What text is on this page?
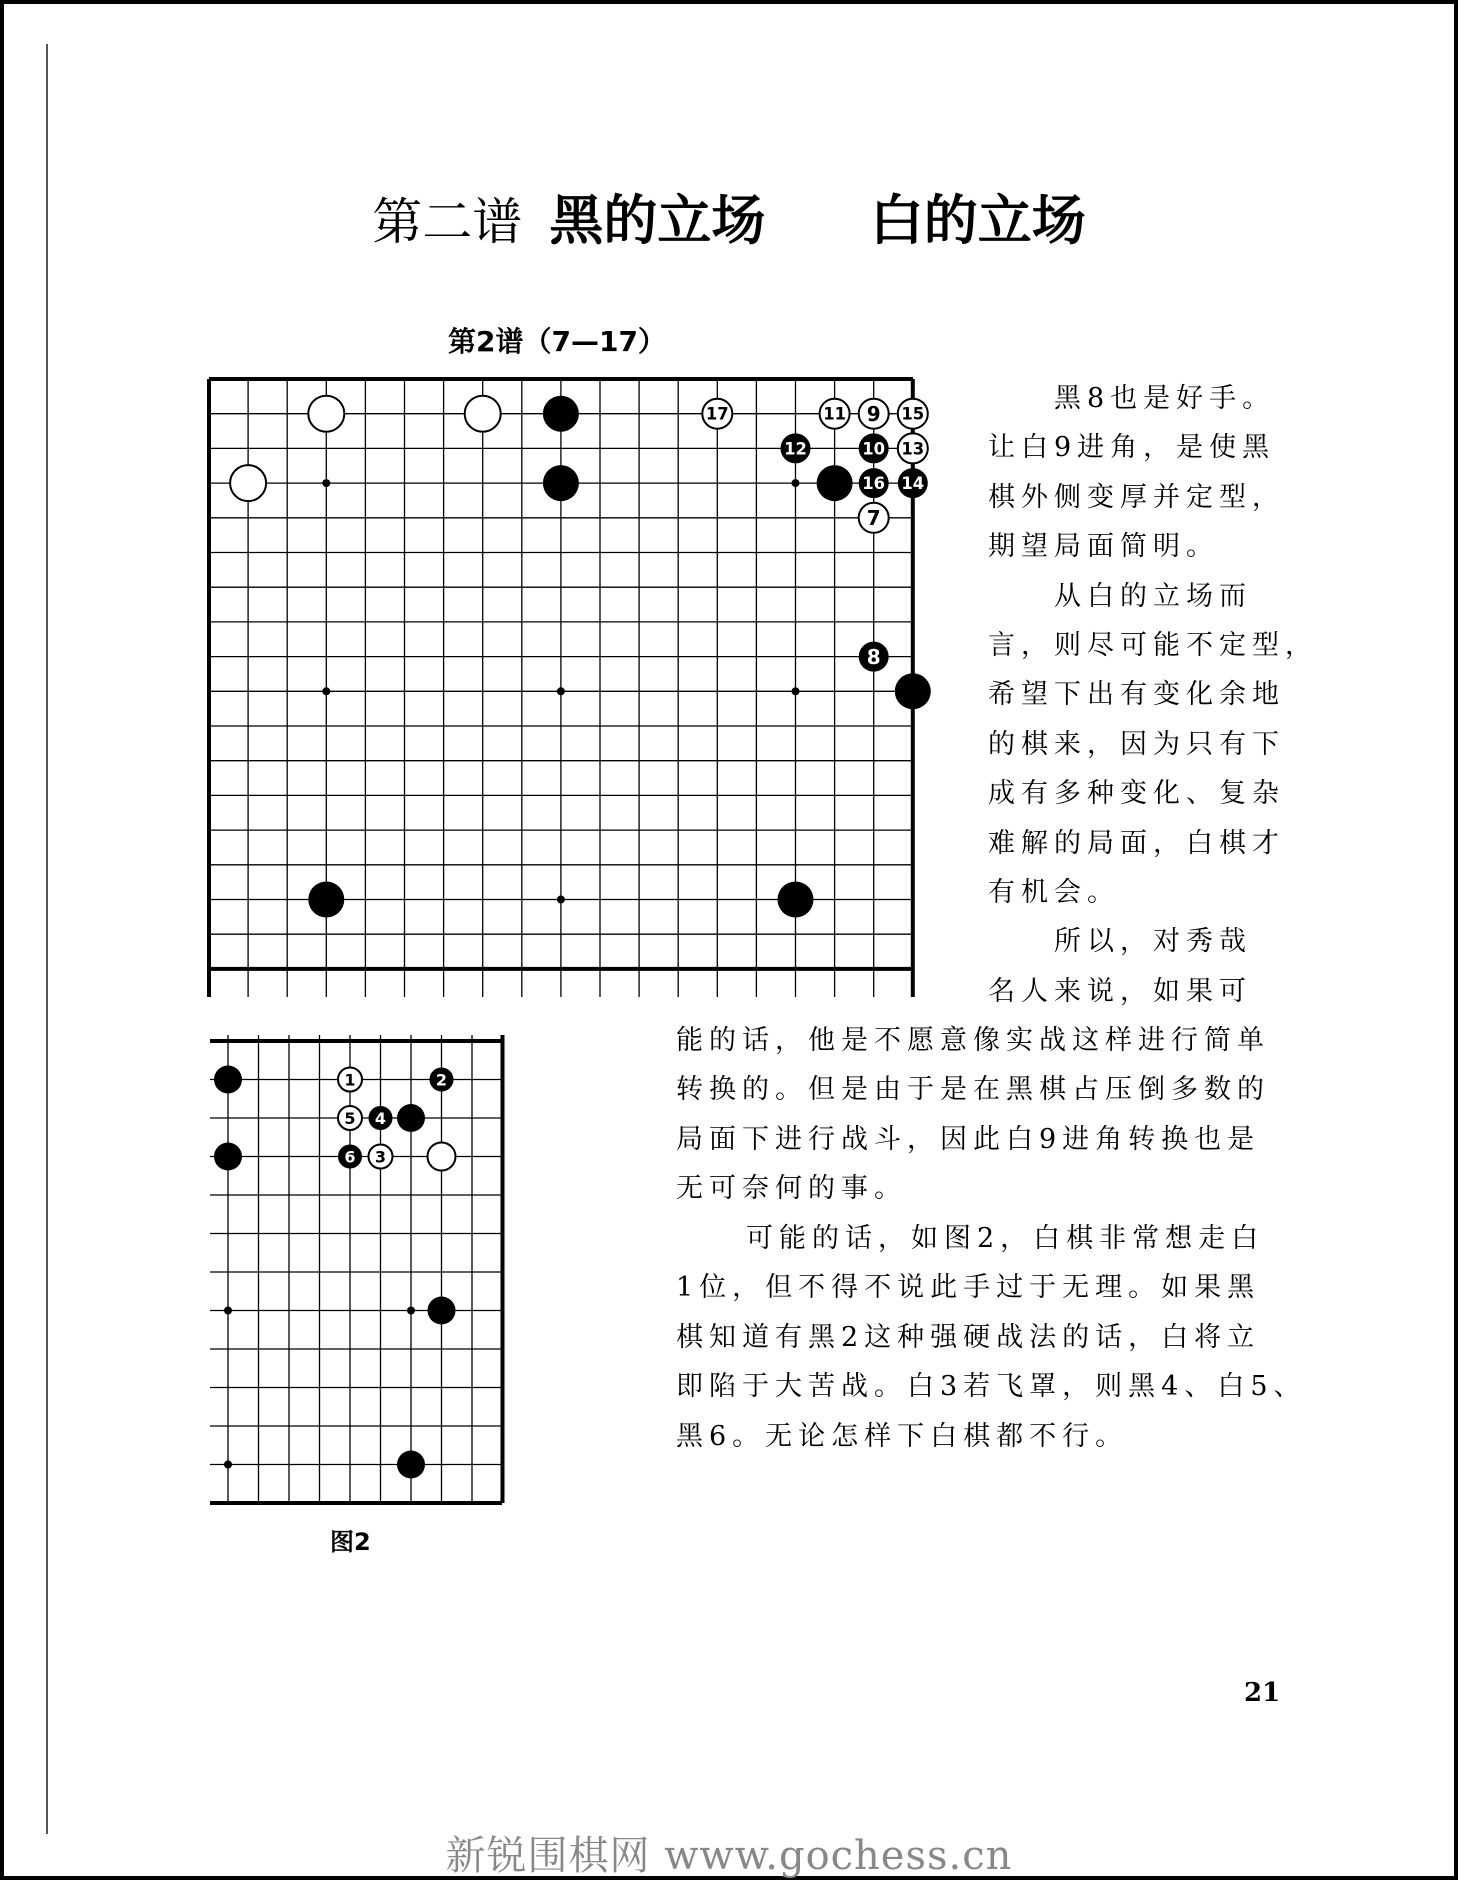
第二谱 黑的立场 白的立场
第2谱（7—17）
7
8
9
10
11
12	13
14
15
16
17
1	2
3
4
5
6
图2
黑8也是好手。
让白9进角，是使黑
棋外侧变厚并定型，
期望局面简明。
从白的立场而
言，则尽可能不定型，
希望下出有变化余地
的棋来，因为只有下
成有多种变化、复杂
难解的局面，白棋才
有机会。
所以，对秀哉
名人来说，如果可
能的话，他是不愿意像实战这样进行简单
转换的。但是由于是在黑棋占压倒多数的
局面下进行战斗，因此白9进角转换也是
无可奈何的事。
可能的话，如图2，白棋非常想走白
1位，但不得不说此手过于无理。如果黑
棋知道有黑2这种强硬战法的话，白将立
即陷于大苦战。白3若飞罩，则黑4、白5、
黑6。无论怎样下白棋都不行。
21
新锐围棋网 www.gochess.cn
